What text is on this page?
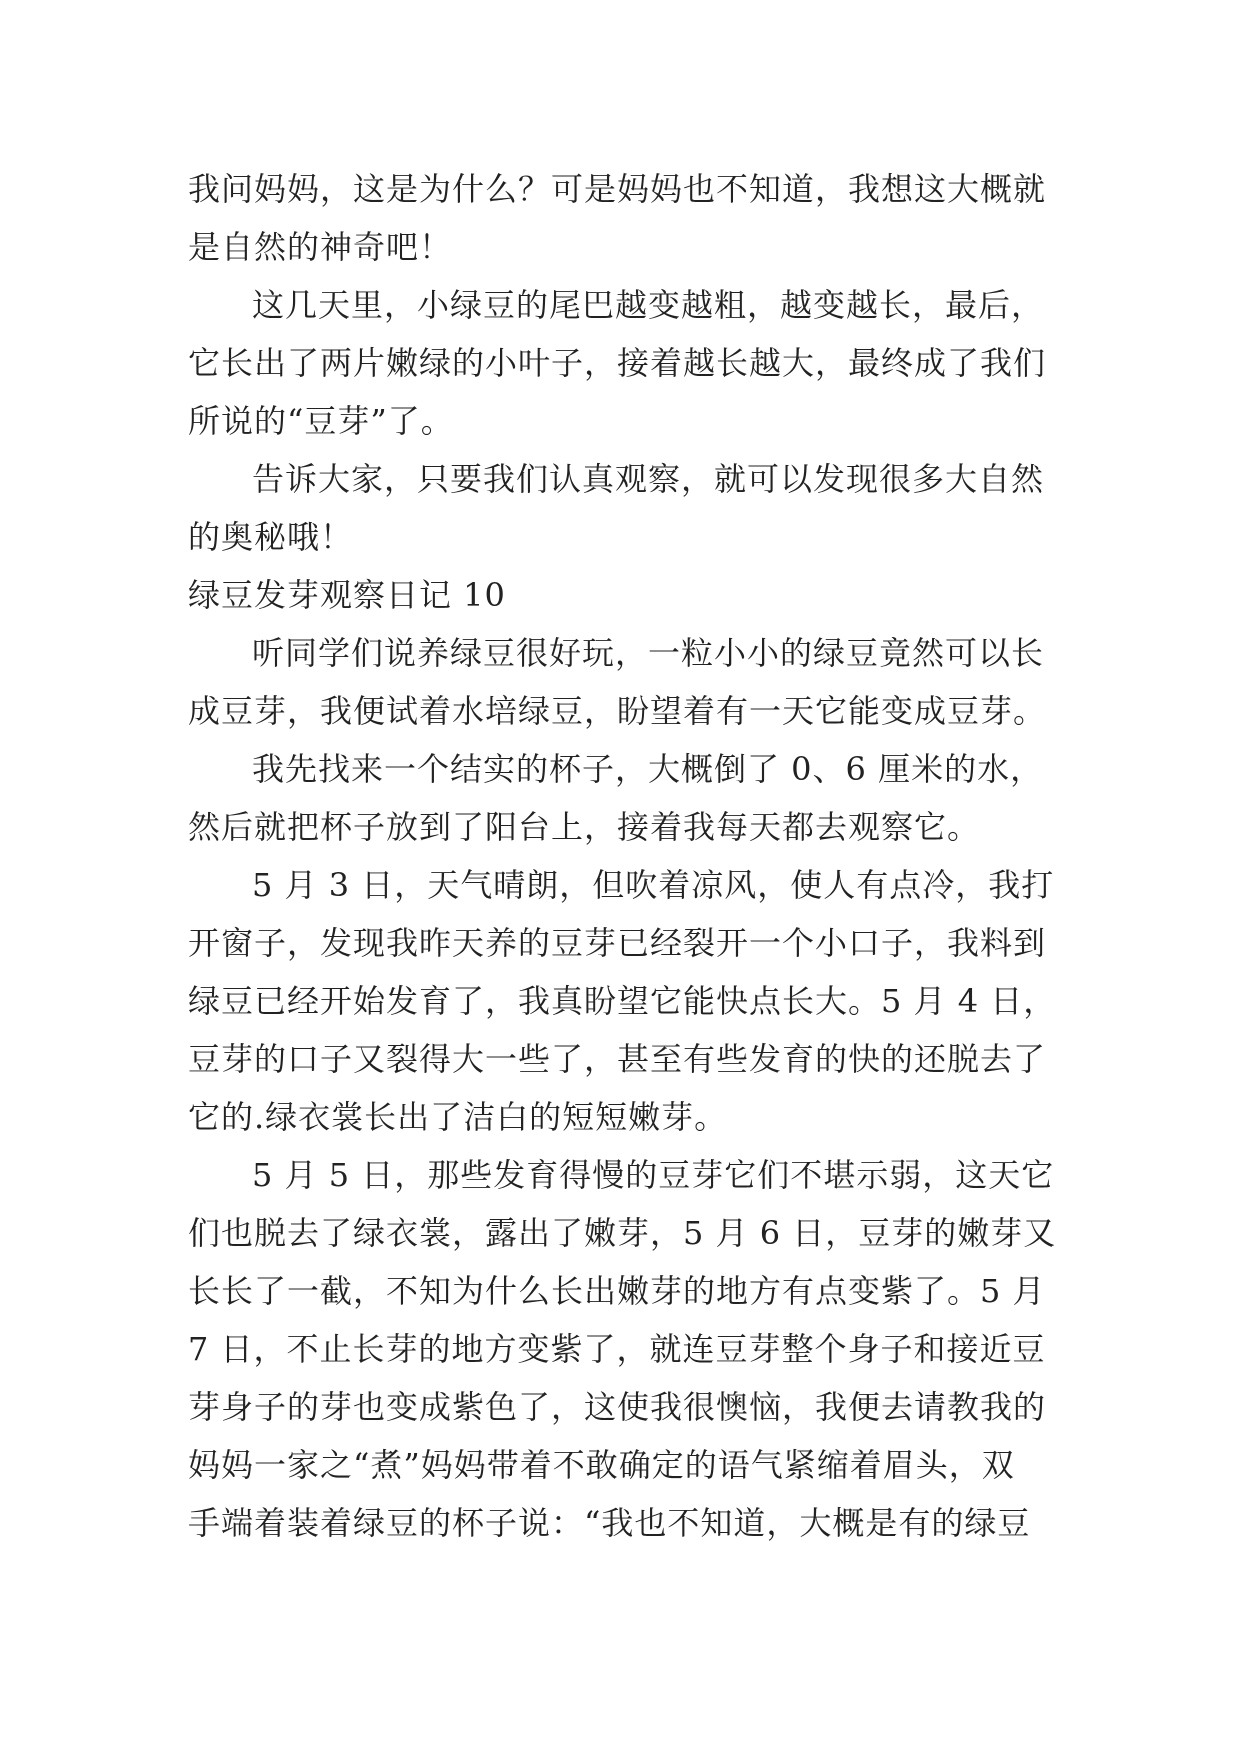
我问妈妈，这是为什么？可是妈妈也不知道，我想这大概就
是自然的神奇吧！
这几天里，小绿豆的尾巴越变越粗，越变越长，最后，
它长出了两片嫩绿的小叶子，接着越长越大，最终成了我们
所说的“豆芽”了。
告诉大家，只要我们认真观察，就可以发现很多大自然
的奥秘哦！
绿豆发芽观察日记 10
听同学们说养绿豆很好玩，一粒小小的绿豆竟然可以长
成豆芽，我便试着水培绿豆，盼望着有一天它能变成豆芽。
我先找来一个结实的杯子，大概倒了 0、6 厘米的水，
然后就把杯子放到了阳台上，接着我每天都去观察它。
5 月 3 日，天气晴朗，但吹着凉风，使人有点冷，我打
开窗子，发现我昨天养的豆芽已经裂开一个小口子，我料到
绿豆已经开始发育了，我真盼望它能快点长大。5 月 4 日，
豆芽的口子又裂得大一些了，甚至有些发育的快的还脱去了
它的.绿衣裳长出了洁白的短短嫩芽。
5 月 5 日，那些发育得慢的豆芽它们不堪示弱，这天它
们也脱去了绿衣裳，露出了嫩芽，5 月 6 日，豆芽的嫩芽又
长长了一截，不知为什么长出嫩芽的地方有点变紫了。5 月
7 日，不止长芽的地方变紫了，就连豆芽整个身子和接近豆
芽身子的芽也变成紫色了，这使我很懊恼，我便去请教我的
妈妈一家之“煮”妈妈带着不敢确定的语气紧缩着眉头，双
手端着装着绿豆的杯子说：“我也不知道，大概是有的绿豆
